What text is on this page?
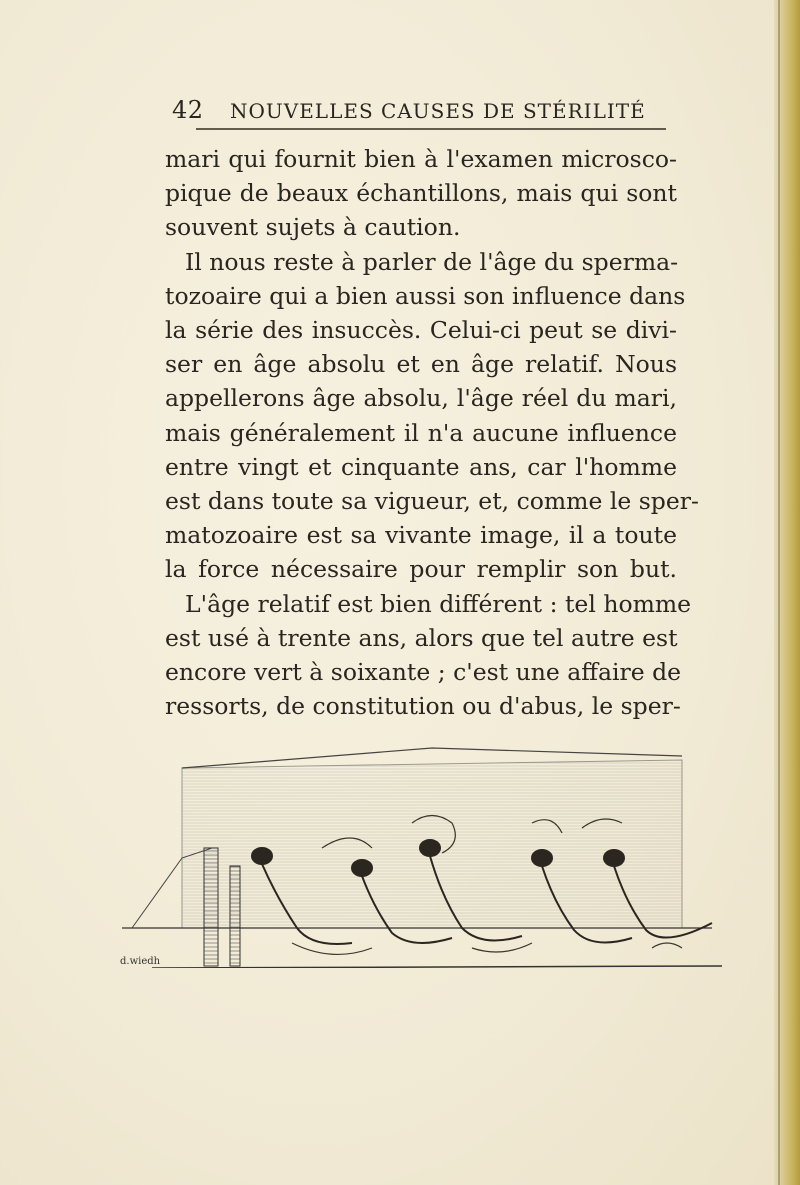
42 NOUVELLES CAUSES DE STÉRILITÉ
mari qui fournit bien à l'examen microsco-
pique de beaux échantillons, mais qui sont
souvent sujets à caution.
Il nous reste à parler de l'âge du sperma-
tozoaire qui a bien aussi son influence dans
la série des insuccès. Celui-ci peut se divi-
ser en âge absolu et en âge relatif. Nous
appellerons âge absolu, l'âge réel du mari,
mais généralement il n'a aucune influence
entre vingt et cinquante ans, car l'homme
est dans toute sa vigueur, et, comme le sper-
matozoaire est sa vivante image, il a toute
la force nécessaire pour remplir son but.
L'âge relatif est bien différent : tel homme
est usé à trente ans, alors que tel autre est
encore vert à soixante ; c'est une affaire de
ressorts, de constitution ou d'abus, le sper-
d.wiedh
